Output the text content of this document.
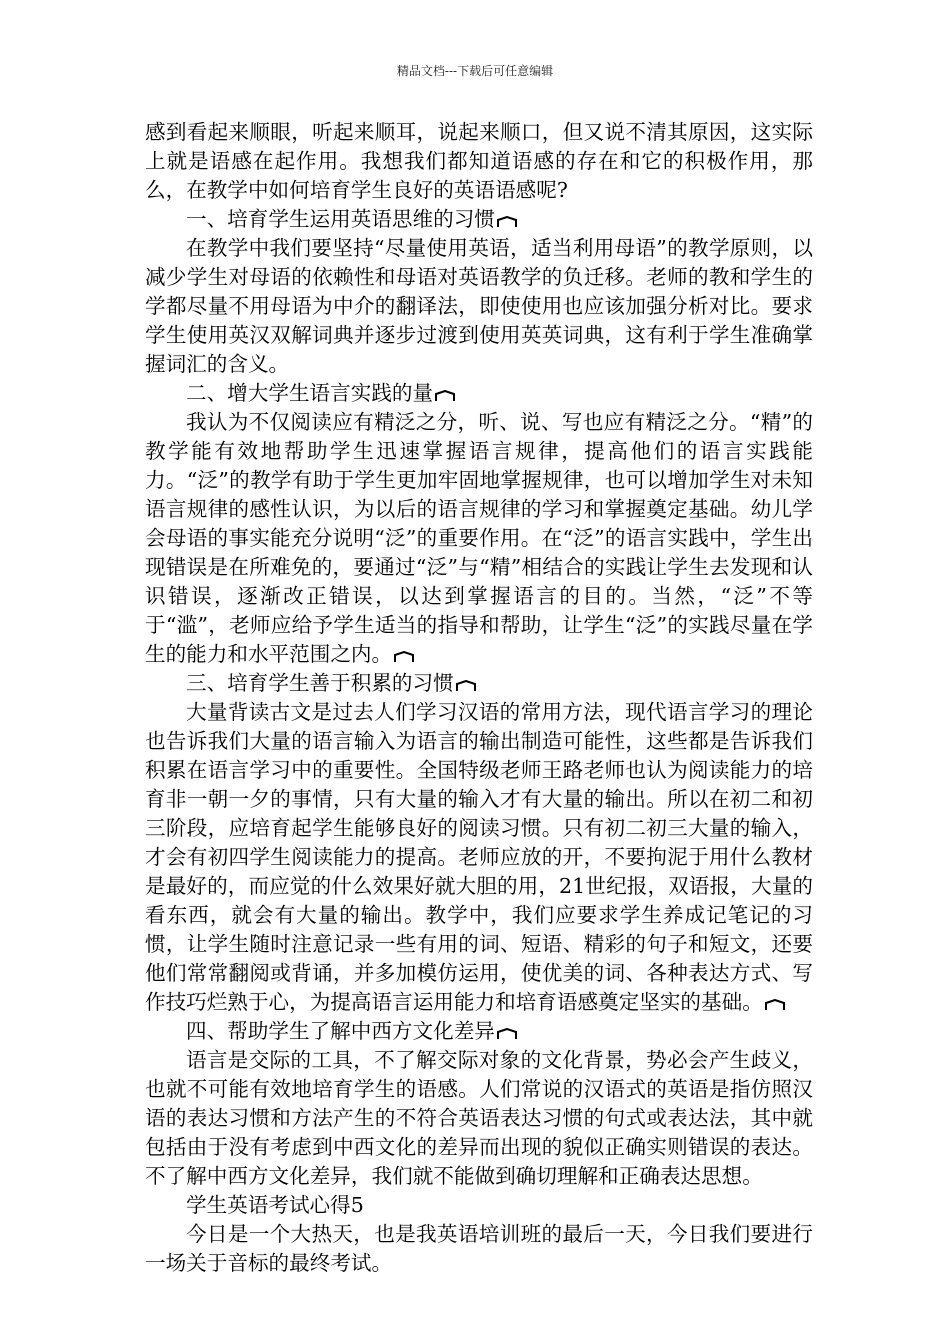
精品文档---下载后可任意编辑

感到看起来顺眼，听起来顺耳，说起来顺口，但又说不清其原因，这实际上就是语感在起作用。我想我们都知道语感的存在和它的积极作用，那么，在教学中如何培育学生良好的英语语感呢?

一、培育学生运用英语思维的习惯

在教学中我们要坚持“尽量使用英语，适当利用母语”的教学原则，以减少学生对母语的依赖性和母语对英语教学的负迁移。老师的教和学生的学都尽量不用母语为中介的翻译法，即使使用也应该加强分析对比。要求学生使用英汉双解词典并逐步过渡到使用英英词典，这有利于学生准确掌握词汇的含义。

二、增大学生语言实践的量

我认为不仅阅读应有精泛之分，听、说、写也应有精泛之分。“精”的教学能有效地帮助学生迅速掌握语言规律，提高他们的语言实践能力。“泛”的教学有助于学生更加牢固地掌握规律，也可以增加学生对未知语言规律的感性认识，为以后的语言规律的学习和掌握奠定基础。幼儿学会母语的事实能充分说明“泛”的重要作用。在“泛”的语言实践中，学生出现错误是在所难免的，要通过“泛”与“精”相结合的实践让学生去发现和认识错误，逐渐改正错误，以达到掌握语言的目的。当然，“泛”不等于“滥”，老师应给予学生适当的指导和帮助，让学生“泛”的实践尽量在学生的能力和水平范围之内。

三、培育学生善于积累的习惯

大量背读古文是过去人们学习汉语的常用方法，现代语言学习的理论也告诉我们大量的语言输入为语言的输出制造可能性，这些都是告诉我们积累在语言学习中的重要性。全国特级老师王路老师也认为阅读能力的培育非一朝一夕的事情，只有大量的输入才有大量的输出。所以在初二和初三阶段，应培育起学生能够良好的阅读习惯。只有初二初三大量的输入，才会有初四学生阅读能力的提高。老师应放的开，不要拘泥于用什么教材是最好的，而应觉的什么效果好就大胆的用，21世纪报，双语报，大量的看东西，就会有大量的输出。教学中，我们应要求学生养成记笔记的习惯，让学生随时注意记录一些有用的词、短语、精彩的句子和短文，还要他们常常翻阅或背诵，并多加模仿运用，使优美的词、各种表达方式、写作技巧烂熟于心，为提高语言运用能力和培育语感奠定坚实的基础。

四、帮助学生了解中西方文化差异

语言是交际的工具，不了解交际对象的文化背景，势必会产生歧义，也就不可能有效地培育学生的语感。人们常说的汉语式的英语是指仿照汉语的表达习惯和方法产生的不符合英语表达习惯的句式或表达法，其中就包括由于没有考虑到中西文化的差异而出现的貌似正确实则错误的表达。不了解中西方文化差异，我们就不能做到确切理解和正确表达思想。

学生英语考试心得5

今日是一个大热天，也是我英语培训班的最后一天，今日我们要进行一场关于音标的最终考试。
